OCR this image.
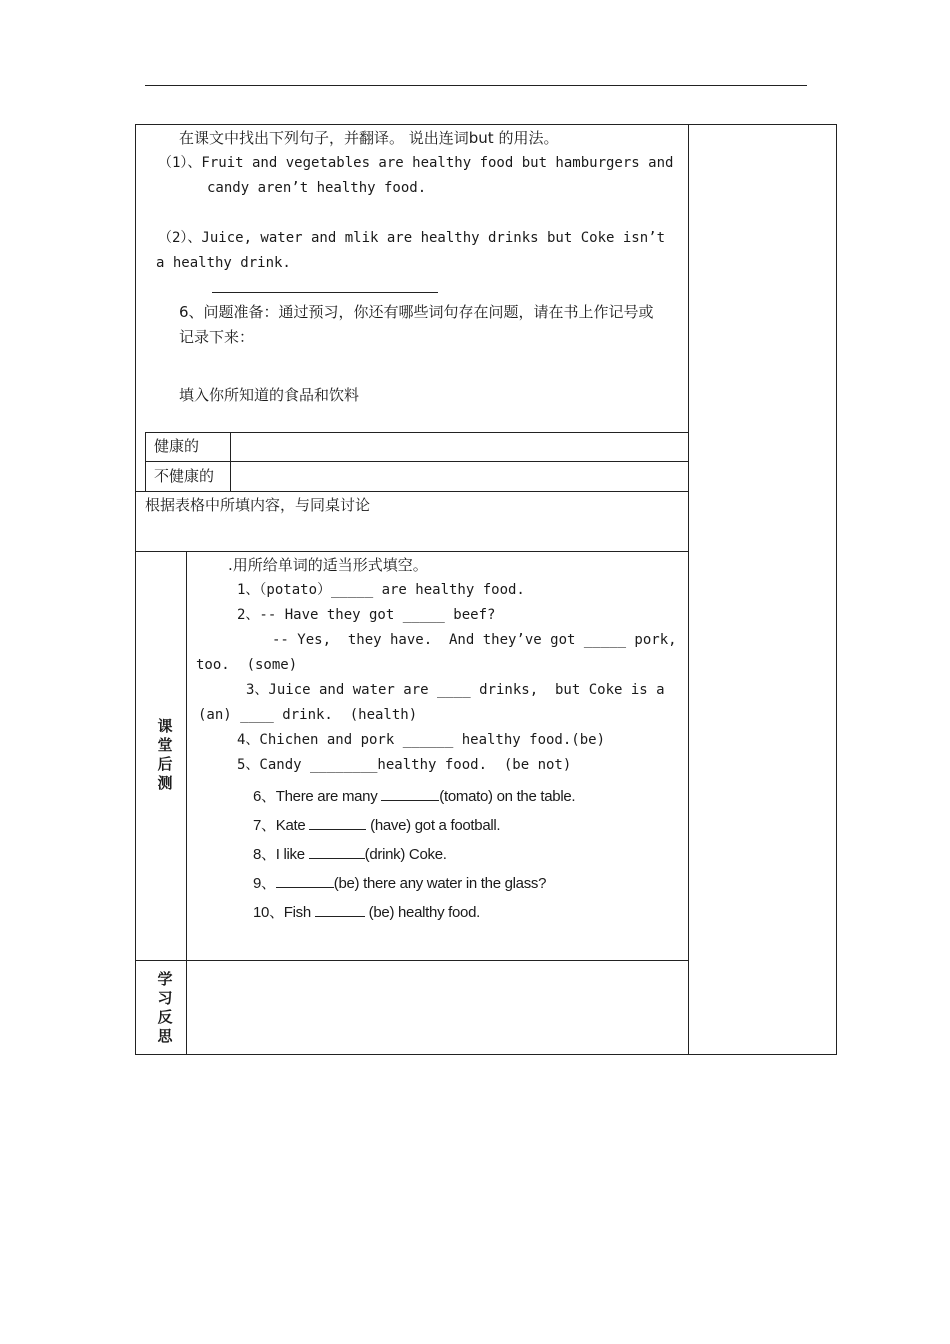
在课文中找出下列句子，并翻译。 说出连词but 的用法。
（1）、Fruit and vegetables are healthy food but hamburgers and
candy aren’t healthy food.
（2）、Juice, water and mlik are healthy drinks but Coke isn’t
a healthy drink.
6、问题准备：通过预习，你还有哪些词句存在问题，请在书上作记号或
记录下来：
填入你所知道的食品和饮料
健康的
不健康的
根据表格中所填内容，与同桌讨论
课
堂
后
测
.用所给单词的适当形式填空。
1、（potato）_____ are healthy food.
2、-- Have they got _____ beef?
-- Yes,  they have.  And they’ve got _____ pork,
too.  (some)
3、Juice and water are ____ drinks,  but Coke is a
(an) ____ drink.  (health)
4、Chichen and pork ______ healthy food.(be)
5、Candy ________healthy food.  (be not)
6、There are many	(tomato) on the table.
7、Kate	(have) got a football.
8、I like	(drink) Coke.
9、	(be) there any water in the glass?
10、Fish	(be) healthy food.
学
习
反
思
